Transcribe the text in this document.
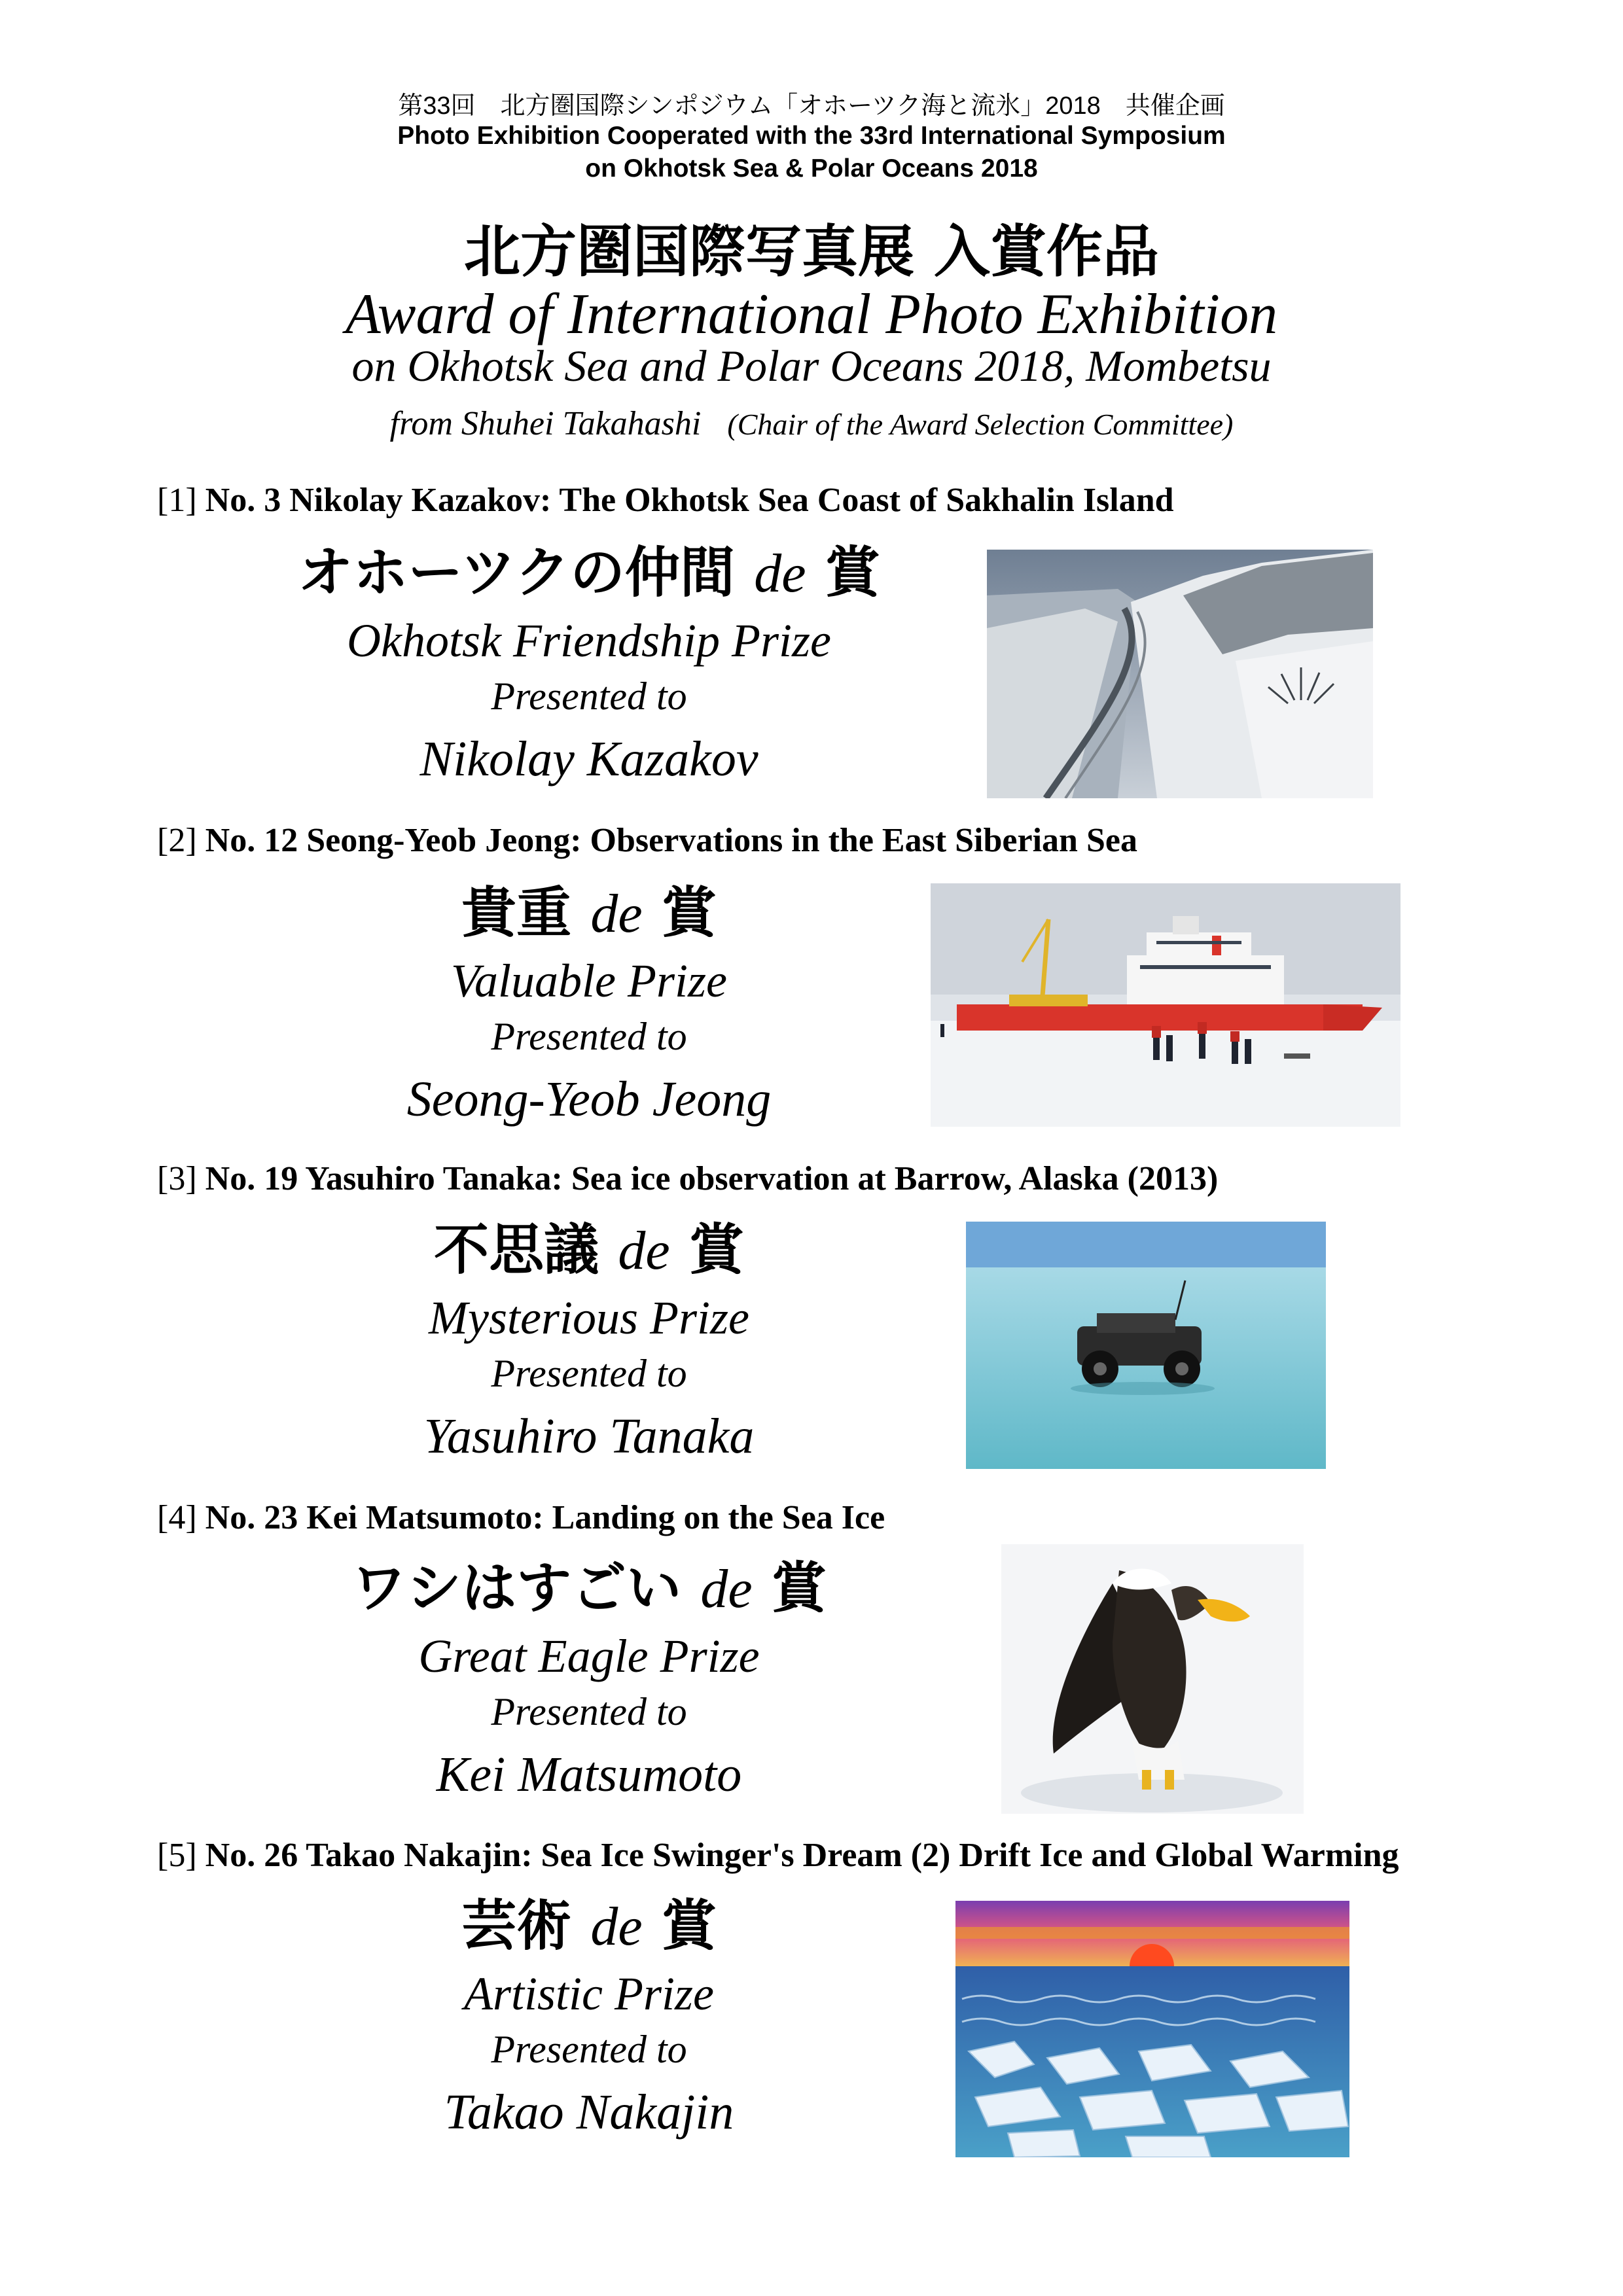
第33回　北方圏国際シンポジウム「オホーツク海と流氷」2018　共催企画
Photo Exhibition Cooperated with the 33rd International Symposium
on Okhotsk Sea & Polar Oceans 2018
北方圏国際写真展 入賞作品
Award of International Photo Exhibition
on Okhotsk Sea and Polar Oceans 2018, Mombetsu
from Shuhei Takahashi (Chair of the Award Selection Committee)
[1] No. 3 Nikolay Kazakov: The Okhotsk Sea Coast of Sakhalin Island
オホーツクの仲間 de 賞
Okhotsk Friendship Prize
Presented to
Nikolay Kazakov
[2] No. 12 Seong-Yeob Jeong: Observations in the East Siberian Sea
貴重 de 賞
Valuable Prize
Presented to
Seong-Yeob Jeong
[3] No. 19 Yasuhiro Tanaka: Sea ice observation at Barrow, Alaska (2013)
不思議 de 賞
Mysterious Prize
Presented to
Yasuhiro Tanaka
[4] No. 23 Kei Matsumoto: Landing on the Sea Ice
ワシはすごい de 賞
Great Eagle Prize
Presented to
Kei Matsumoto
[5] No. 26 Takao Nakajin: Sea Ice Swinger's Dream (2) Drift Ice and Global Warming
芸術 de 賞
Artistic Prize
Presented to
Takao Nakajin
